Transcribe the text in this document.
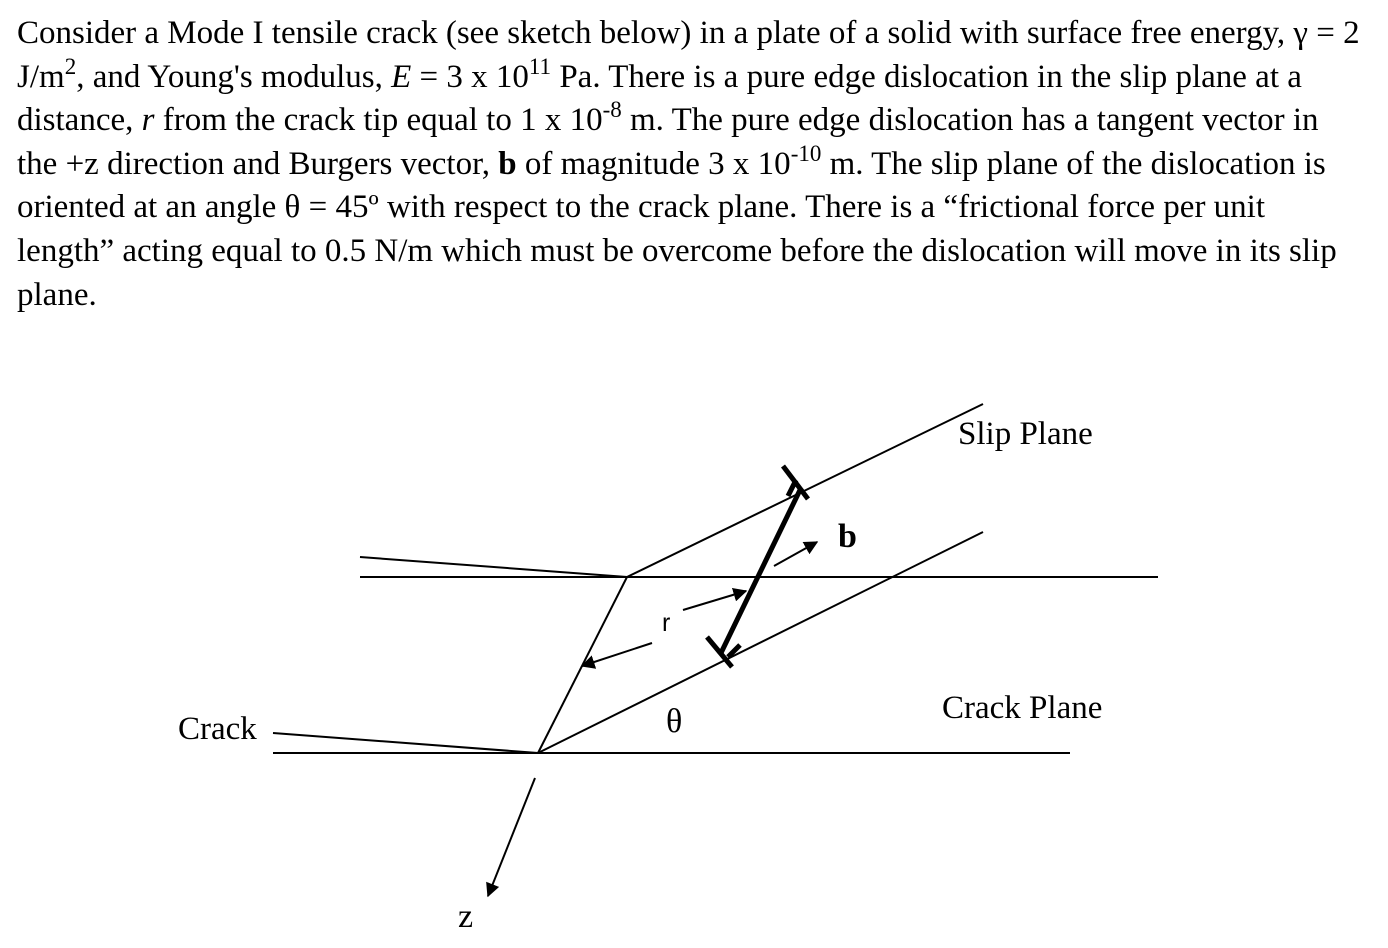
Consider a Mode I tensile crack (see sketch below) in a plate of a solid with surface free energy, γ = 2 $J/m^2$, and Young's modulus, E = 3 x $10^{11}$ Pa. There is a pure edge dislocation in the slip plane at a distance, r from the crack tip equal to 1 x $10^{-8}$ m. The pure edge dislocation has a tangent vector in the +z direction and Burgers vector, b of magnitude 3 x $10^{-10}$ m. The slip plane of the dislocation is oriented at an angle θ = 45º with respect to the crack plane. There is a “frictional force per unit length” acting equal to 0.5 N/m which must be overcome before the dislocation will move in its slip plane.

b
r
θ
z
Slip Plane
Crack Plane
Crack
